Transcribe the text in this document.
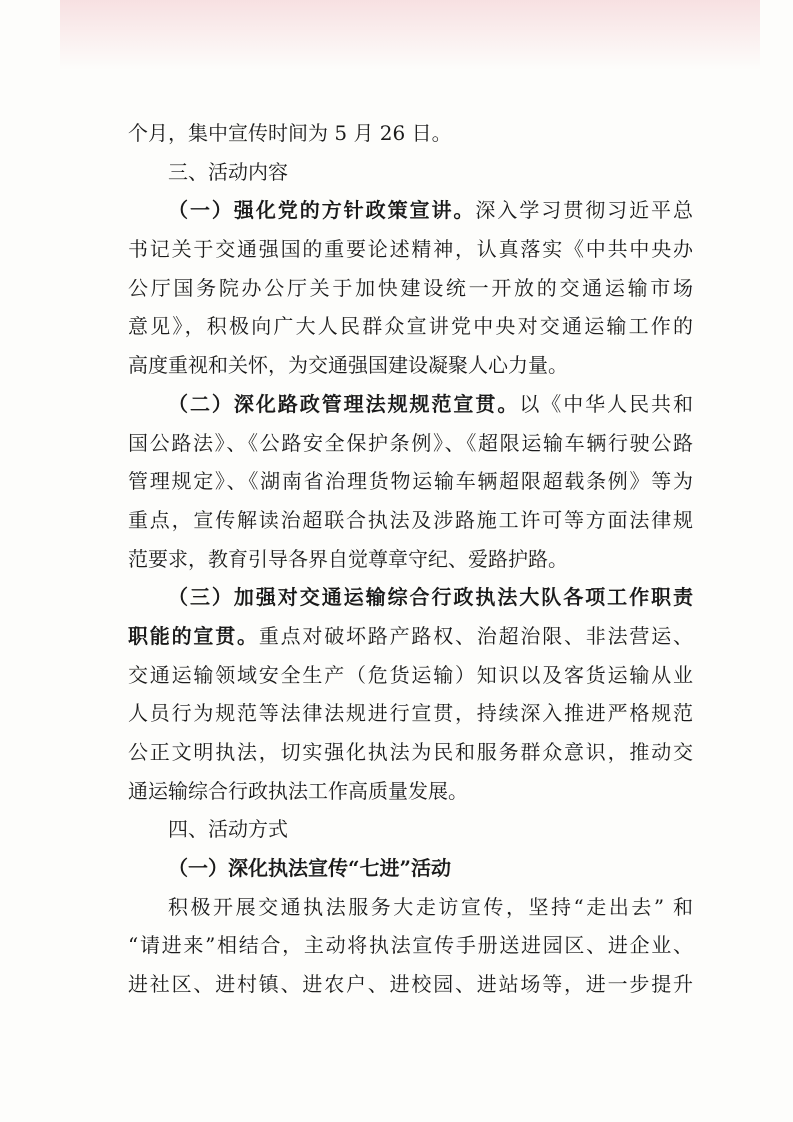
个月，集中宣传时间为 5 月 26 日。
三、活动内容
（一）强化党的方针政策宣讲。深入学习贯彻习近平总
书记关于交通强国的重要论述精神，认真落实《中共中央办
公厅国务院办公厅关于加快建设统一开放的交通运输市场
意见》，积极向广大人民群众宣讲党中央对交通运输工作的
高度重视和关怀，为交通强国建设凝聚人心力量。
（二）深化路政管理法规规范宣贯。以《中华人民共和
国公路法》、《公路安全保护条例》、《超限运输车辆行驶公路
管理规定》、《湖南省治理货物运输车辆超限超载条例》等为
重点，宣传解读治超联合执法及涉路施工许可等方面法律规
范要求，教育引导各界自觉尊章守纪、爱路护路。
（三）加强对交通运输综合行政执法大队各项工作职责
职能的宣贯。重点对破坏路产路权、治超治限、非法营运、
交通运输领域安全生产（危货运输）知识以及客货运输从业
人员行为规范等法律法规进行宣贯，持续深入推进严格规范
公正文明执法，切实强化执法为民和服务群众意识，推动交
通运输综合行政执法工作高质量发展。
四、活动方式
（一）深化执法宣传“七进”活动
积极开展交通执法服务大走访宣传，坚持“走出去” 和
“请进来”相结合，主动将执法宣传手册送进园区、进企业、
进社区、进村镇、进农户、进校园、进站场等，进一步提升
